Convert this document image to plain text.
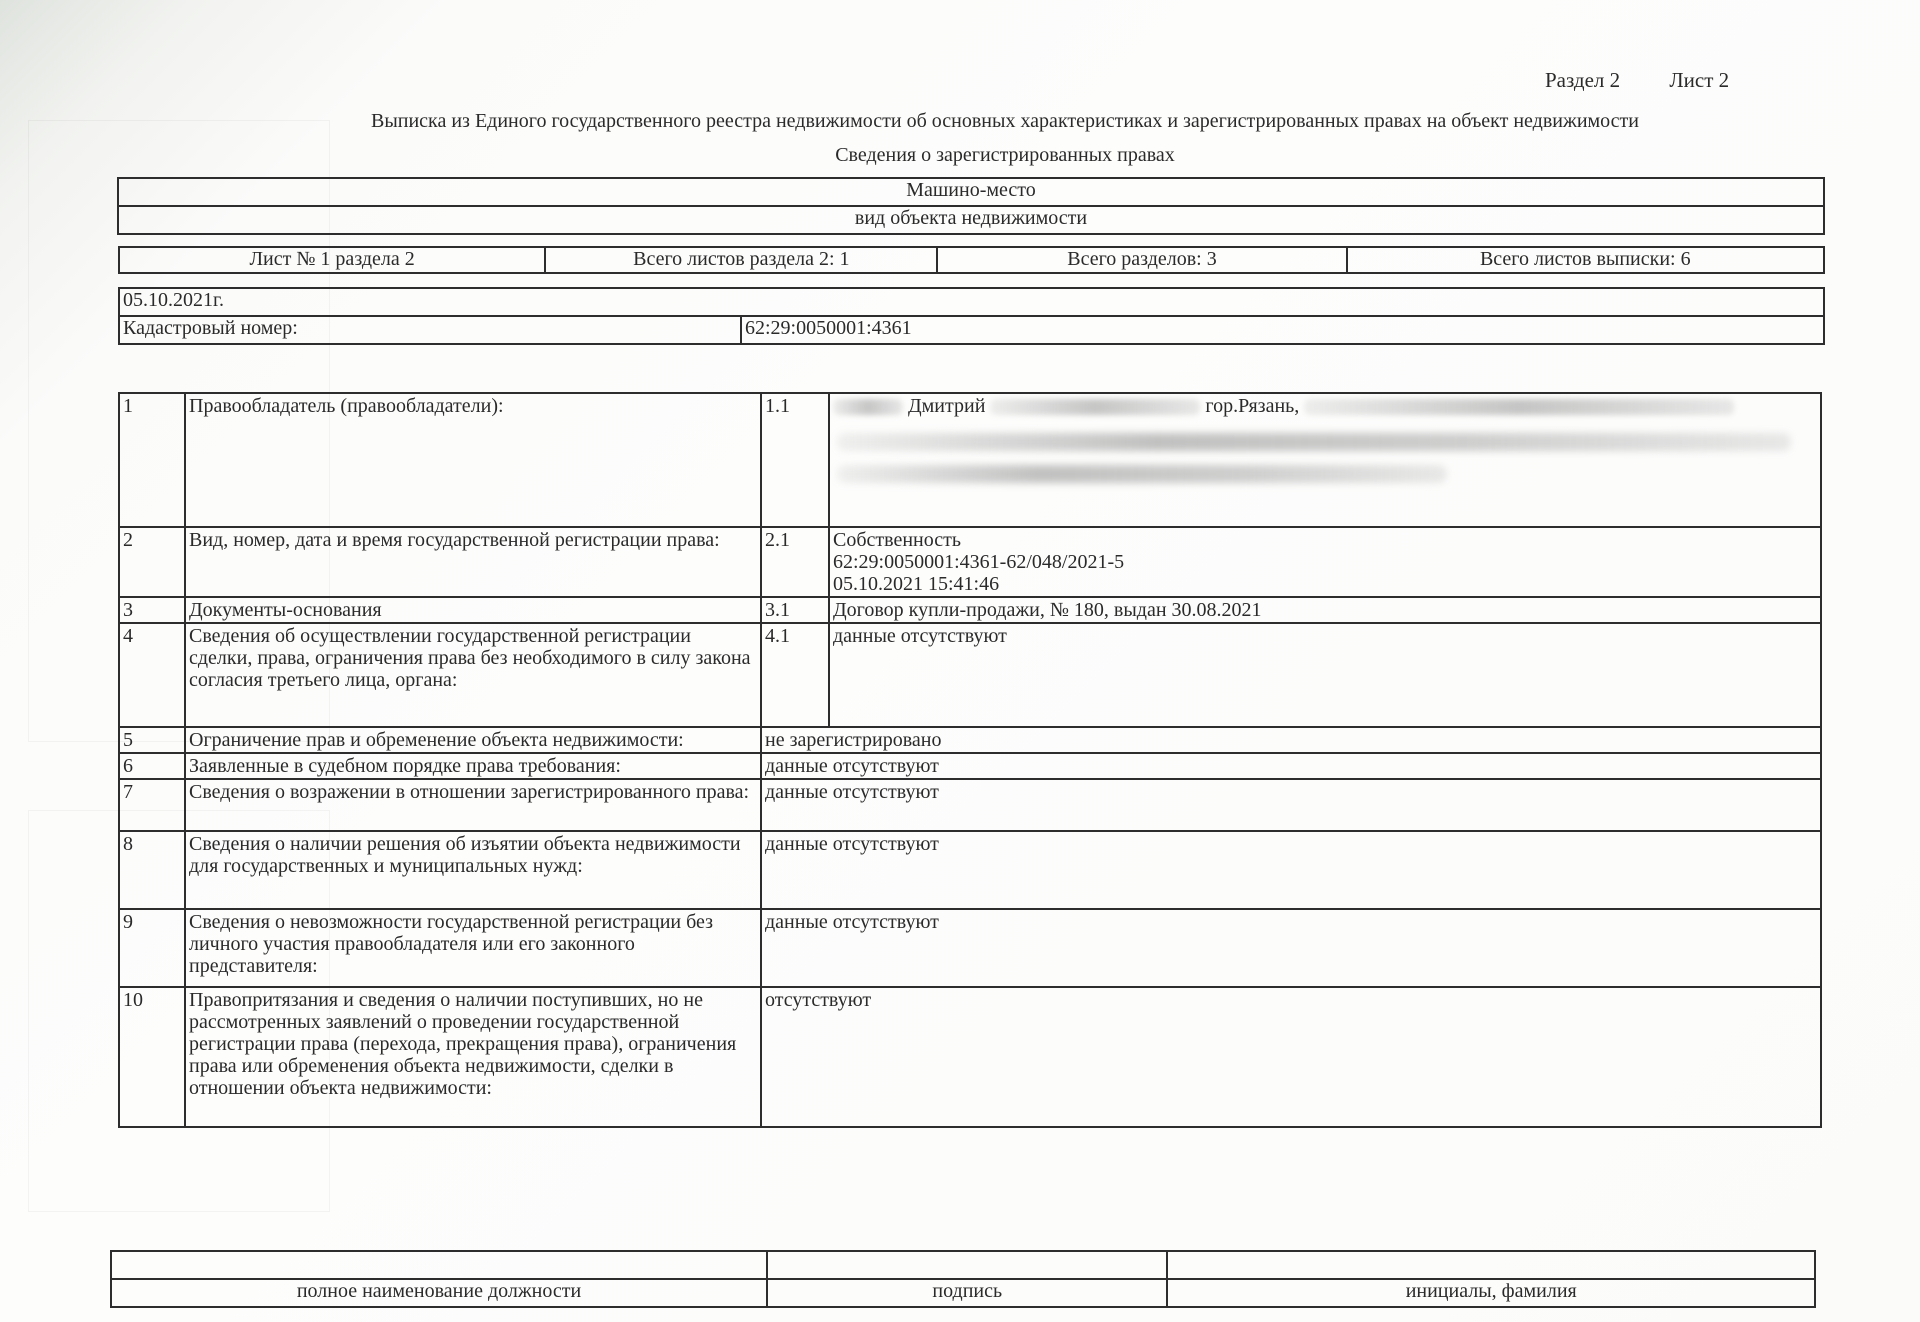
Раздел 2 Лист 2
Выписка из Единого государственного реестра недвижимости об основных характеристиках и зарегистрированных правах на объект недвижимости
Сведения о зарегистрированных правах
Машино-место
вид объекта недвижимости
Лист № 1 раздела 2	Всего листов раздела 2: 1	Всего разделов: 3	Всего листов выписки: 6
05.10.2021г.
Кадастровый номер:	62:29:0050001:4361
1	Правообладатель (правообладатели):	1.1	Дмитрий гор.Рязань,

2	Вид, номер, дата и время государственной регистрации права:	2.1	Собственность
62:29:0050001:4361-62/048/2021-5
05.10.2021 15:41:46

3	Документы-основания	3.1	Договор купли-продажи, № 180, выдан 30.08.2021
4	Сведения об осуществлении государственной регистрации сделки, права, ограничения права без необходимого в силу закона согласия третьего лица, органа:	4.1	данные отсутствуют
5	Ограничение прав и обременение объекта недвижимости:	не зарегистрировано	
6	Заявленные в судебном порядке права требования:	данные отсутствуют	
7	Сведения о возражении в отношении зарегистрированного права:	данные отсутствуют	
8	Сведения о наличии решения об изъятии объекта недвижимости для государственных и муниципальных нужд:	данные отсутствуют	
9	Сведения о невозможности государственной регистрации без личного участия правообладателя или его законного представителя:	данные отсутствуют	
10	Правопритязания и сведения о наличии поступивших, но не рассмотренных заявлений о проведении государственной регистрации права (перехода, прекращения права), ограничения права или обременения объекта недвижимости, сделки в отношении объекта недвижимости:	отсутствуют	

полное наименование должности	подпись	инициалы, фамилия
